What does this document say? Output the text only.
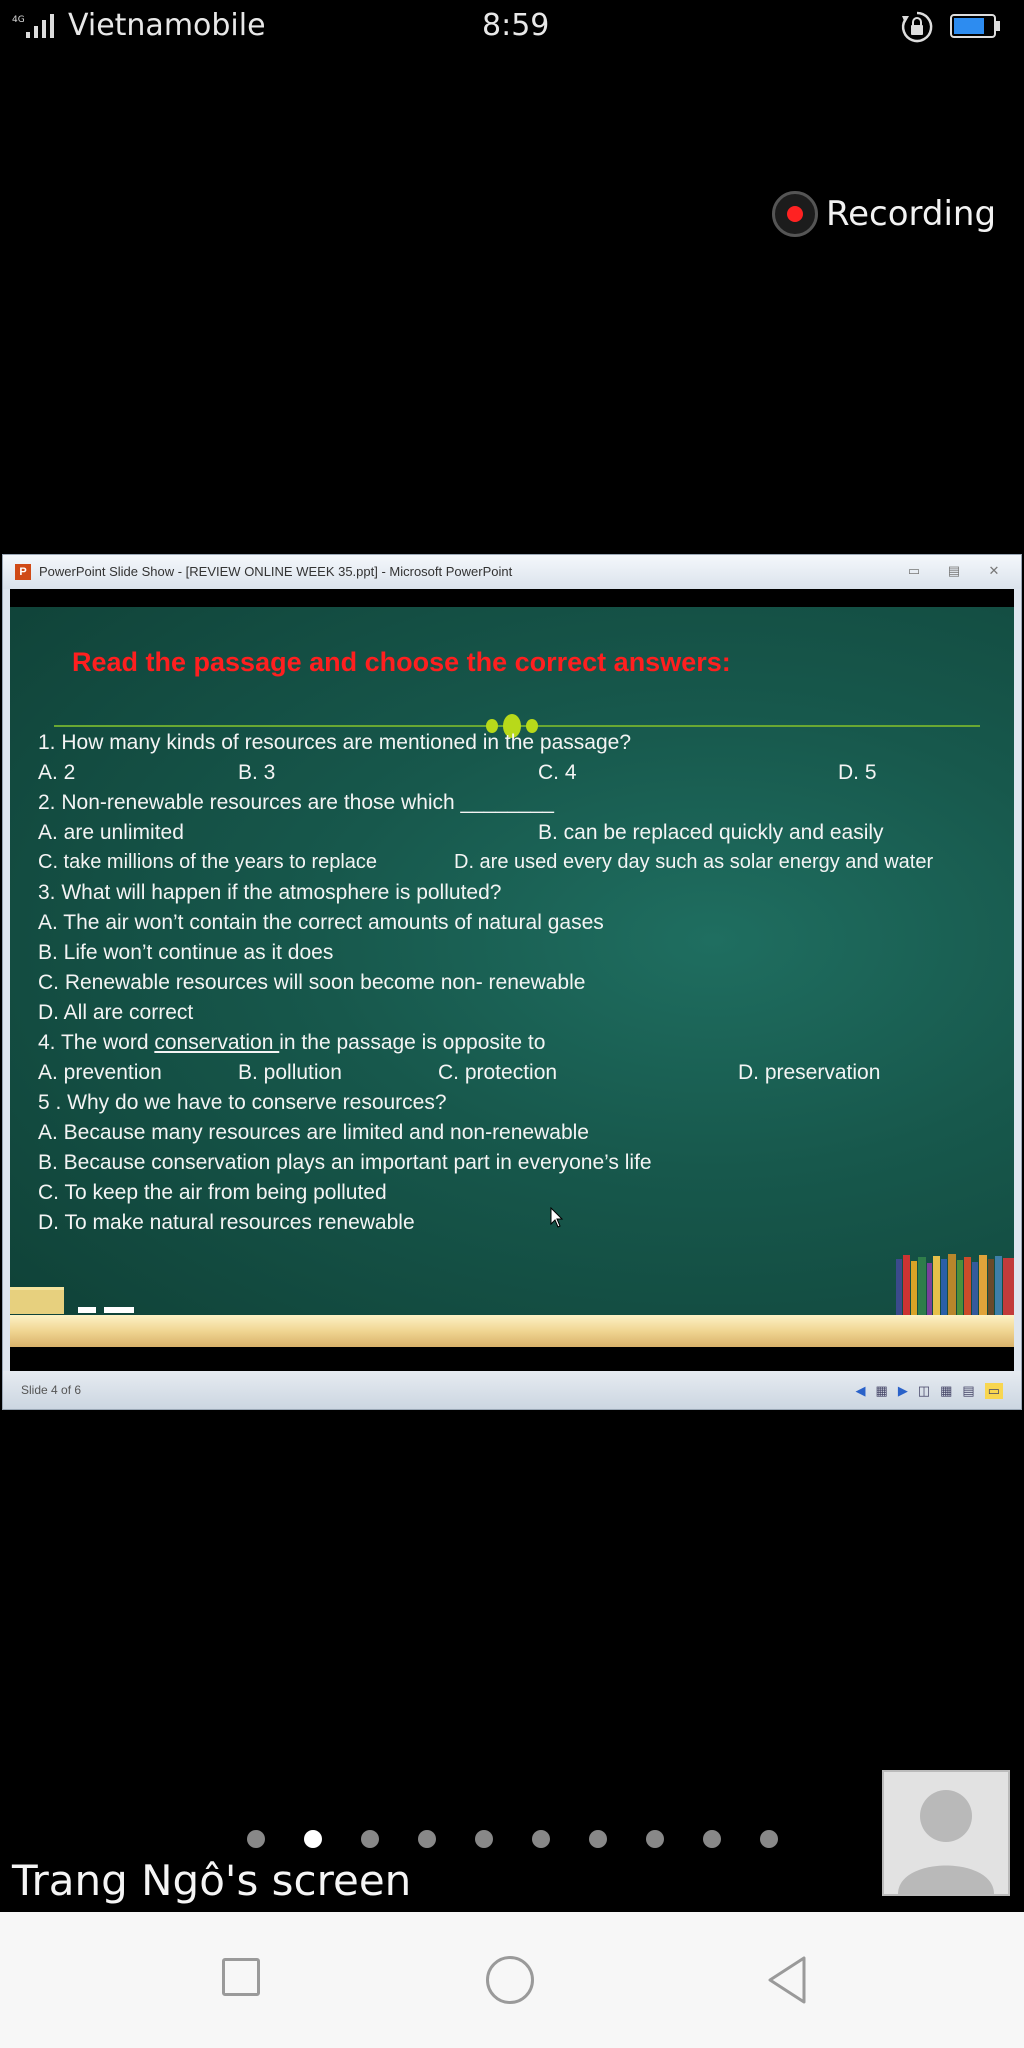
4G Vietnamobile	8:59
Recording
P PowerPoint Slide Show - [REVIEW ONLINE WEEK 35.ppt] - Microsoft PowerPoint	▭	▤	✕
Read the passage and choose the correct answers:
1. How many kinds of resources are mentioned in the passage?
A. 2	B. 3	C. 4	D. 5
2. Non-renewable resources are those which ________
A. are unlimited	B. can be replaced quickly and easily
C. take millions of the years to replace	D. are used every day such as solar energy and water
3. What will happen if the atmosphere is polluted?
A. The air won’t contain the correct amounts of natural gases
B. Life won’t continue as it does
C. Renewable resources will soon become non- renewable
D. All are correct
4. The word conservation in the passage is opposite to
A. prevention	B. pollution	C. protection	D. preservation
5 . Why do we have to conserve resources?
A. Because many resources are limited and non-renewable
B. Because conservation plays an important part in everyone’s life
C. To keep the air from being polluted
D. To make natural resources renewable
Slide 4 of 6	◀ ▦ ▶ ◫ ▦ ▤ ▭
Trang Ngô's screen
